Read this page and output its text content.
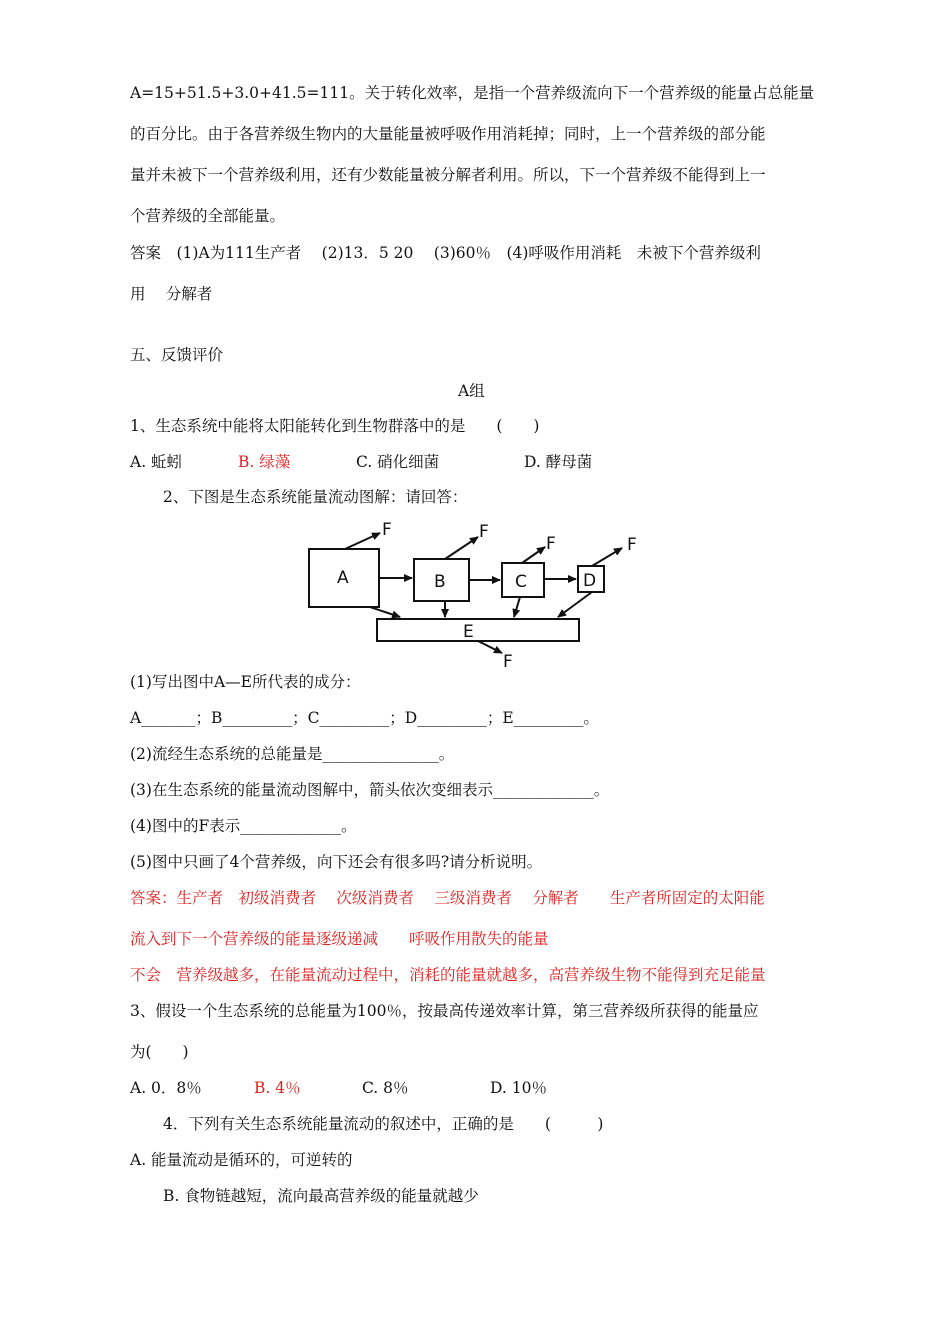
A=15+51.5+3.0+41.5=111。关于转化效率，是指一个营养级流向下一个营养级的能量占总能量
的百分比。由于各营养级生物内的大量能量被呼吸作用消耗掉；同时，上一个营养级的部分能
量并未被下一个营养级利用，还有少数能量被分解者利用。所以，下一个营养级不能得到上一
个营养级的全部能量。
答案　(1)A为111生产者　 (2)13．5 20　 (3)60％　(4)呼吸作用消耗　未被下个营养级利
用　 分解者
五、反馈评价
A组
1、生态系统中能将太阳能转化到生物群落中的是　　(　　)
A. 蚯蚓	B. 绿藻	C. 硝化细菌	D. 酵母菌
2、下图是生态系统能量流动图解：请回答：
A	B	C	D
E
F	F
F	F
F
(1)写出图中A—E所代表的成分：
A_______；B_________；C_________；D_________；E_________。
(2)流经生态系统的总能量是_______________。
(3)在生态系统的能量流动图解中，箭头依次变细表示_____________。
(4)图中的F表示_____________。
(5)图中只画了4个营养级，向下还会有很多吗?请分析说明。
答案：生产者　初级消费者　 次级消费者　 三级消费者　 分解者　　生产者所固定的太阳能
流入到下一个营养级的能量逐级递减　　呼吸作用散失的能量
不会　营养级越多，在能量流动过程中，消耗的能量就越多，高营养级生物不能得到充足能量
3、假设一个生态系统的总能量为100％，按最高传递效率计算，第三营养级所获得的能量应
为(　　)
A. 0．8％	B. 4％	C. 8％	D. 10％
4．下列有关生态系统能量流动的叙述中，正确的是　　(　　　)
A. 能量流动是循环的，可逆转的
B. 食物链越短，流向最高营养级的能量就越少
